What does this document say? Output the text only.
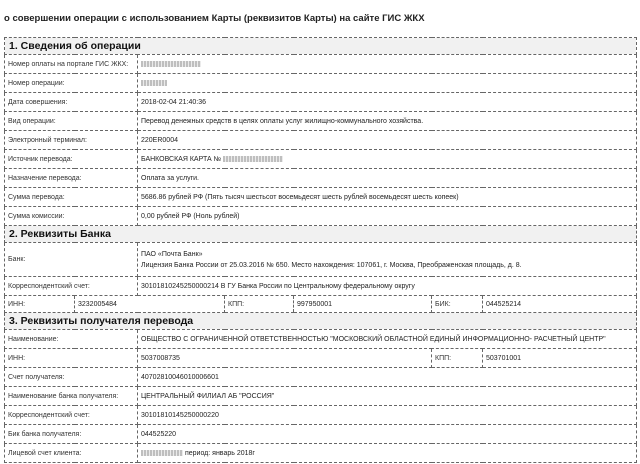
о совершении операции с использованием Карты (реквизитов Карты) на сайте ГИС ЖКХ
1. Сведения об операции						
Номер оплаты на портале ГИС ЖКХ:						
Номер операции:						
Дата совершения:		2018-02-04 21:40:36				
Вид операции:		Перевод денежных средств в целях оплаты услуг жилищно-коммунального хозяйства.				
Электронный терминал:		220ER0004				
Источник перевода:		БАНКОВСКАЯ КАРТА №				
Назначение перевода:		Оплата за услуги.				
Сумма перевода:		5686.86 рублей РФ (Пять тысяч шестьсот восемьдесят шесть рублей восемьдесят шесть копеек)				
Сумма комиссии:		0,00 рублей РФ (Ноль рублей)				
2. Реквизиты Банка						
Банк:		ПАО «Почта Банк»
Лицензия Банка России от 25.03.2016 № 650. Место нахождения: 107061, г. Москва, Преображенская площадь, д. 8.				

Корреспондентский счет:		30101810245250000214 В ГУ Банка России по Центральному федеральному округу				
ИНН:	3232005484		КПП:	997950001	БИК:	044525214
3. Реквизиты получателя перевода						
Наименование:		ОБЩЕСТВО С ОГРАНИЧЕННОЙ ОТВЕТСТВЕННОСТЬЮ "МОСКОВСКИЙ ОБЛАСТНОЙ ЕДИНЫЙ ИНФОРМАЦИОННО- РАСЧЕТНЫЙ ЦЕНТР"				
ИНН:		5037008735			КПП:	503701001
Счет получателя:		40702810046010006601				
Наименование банка получателя:		ЦЕНТРАЛЬНЫЙ ФИЛИАЛ АБ "РОССИЯ"				
Корреспондентский счет:		30101810145250000220				
Бик банка получателя:		044525220				
Лицевой счет клиента:		период: январь 2018г				
